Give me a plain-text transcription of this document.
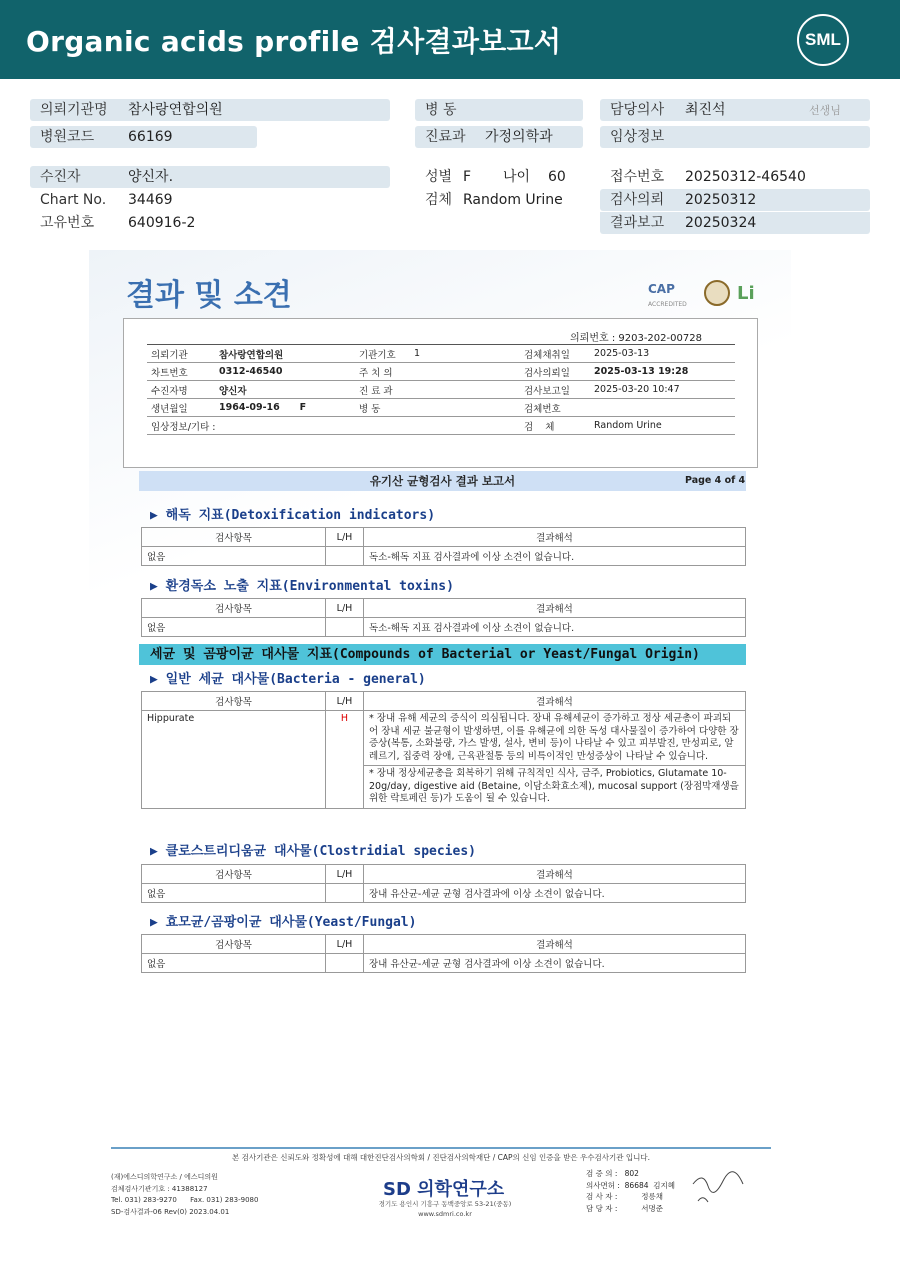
Organic acids profile 검사결과보고서	SML
의뢰기관명 참사랑연합의원
병원코드 66169
병 동
진료과 가정의학과
담당의사 최진석	선생님
임상정보
수진자	양신자.
Chart No. 34469
고유번호 640916-2
성별 F 나이 60
검체 Random Urine
접수번호 20250312-46540
검사의뢰 20250312
결과보고 20250324
결과 및 소견	CAP
ACCREDITED
Li
의뢰번호 : 9203-202-00728
의뢰기관	참사랑연합의원	기관기호	1	검체채취일	2025-03-13
차트번호	0312-46540	주 치 의		검사의뢰일	2025-03-13 19:28
수진자명	양신자	진 료 과		검사보고일	2025-03-20 10:47
생년월일	1964-09-16      F	병 동		검체번호	
임상정보/기타 :				검    체	Random Urine
유기산 균형검사 결과 보고서	Page 4 of 4
▶ 해독 지표(Detoxification indicators)
검사항목	L/H	결과해석
없음		독소-해독 지표 검사결과에 이상 소견이 없습니다.
▶ 환경독소 노출 지표(Environmental toxins)
검사항목	L/H	결과해석
없음		독소-해독 지표 검사결과에 이상 소견이 없습니다.
세균 및 곰팡이균 대사물 지표(Compounds of Bacterial or Yeast/Fungal Origin)
▶ 일반 세균 대사물(Bacteria - general)
검사항목	L/H	결과해석
Hippurate	H	* 장내 유해 세균의 증식이 의심됩니다. 장내 유해세균이 증가하고 정상 세균총이 파괴되어 장내 세균 불균형이 발생하면, 이를 유해균에 의한 독성 대사물질이 증가하여 다양한 장 증상(복통, 소화불량, 가스 발생, 설사, 변비 등)이 나타날 수 있고 피부발진, 만성피로, 알레르기, 집중력 장애, 근육관절통 등의 비특이적인 만성증상이 나타날 수 있습니다.
		* 장내 정상세균총을 회복하기 위해 규칙적인 식사, 금주, Probiotics, Glutamate 10-20g/day, digestive aid (Betaine, 이담소화효소제), mucosal support (장점막재생을 위한 락토페린 등)가 도움이 될 수 있습니다.
▶ 클로스트리디움균 대사물(Clostridial species)
검사항목	L/H	결과해석
없음		장내 유산균-세균 균형 검사결과에 이상 소견이 없습니다.
▶ 효모균/곰팡이균 대사물(Yeast/Fungal)
검사항목	L/H	결과해석
없음		장내 유산균-세균 균형 검사결과에 이상 소견이 없습니다.
본 검사기관은 신뢰도와 정확성에 대해 대한진단검사의학회 / 진단검사의학재단 / CAP의 신임 인증을 받은 우수검사기관 입니다.
(재)에스디의학연구소 / 에스디의원
검체검사기관기호 : 41388127
Tel. 031) 283-9270      Fax. 031) 283-9080
SD-검사결과-06 Rev(0) 2023.04.01
SD 의학연구소
경기도 용인시 기흥구 동백중앙로 53-21(중동)
www.sdmri.co.kr
검 증 의 :   802
의사면허 :  86684  김지혜
검 사 자 :          정릉채
담 당 자 :          서명준
